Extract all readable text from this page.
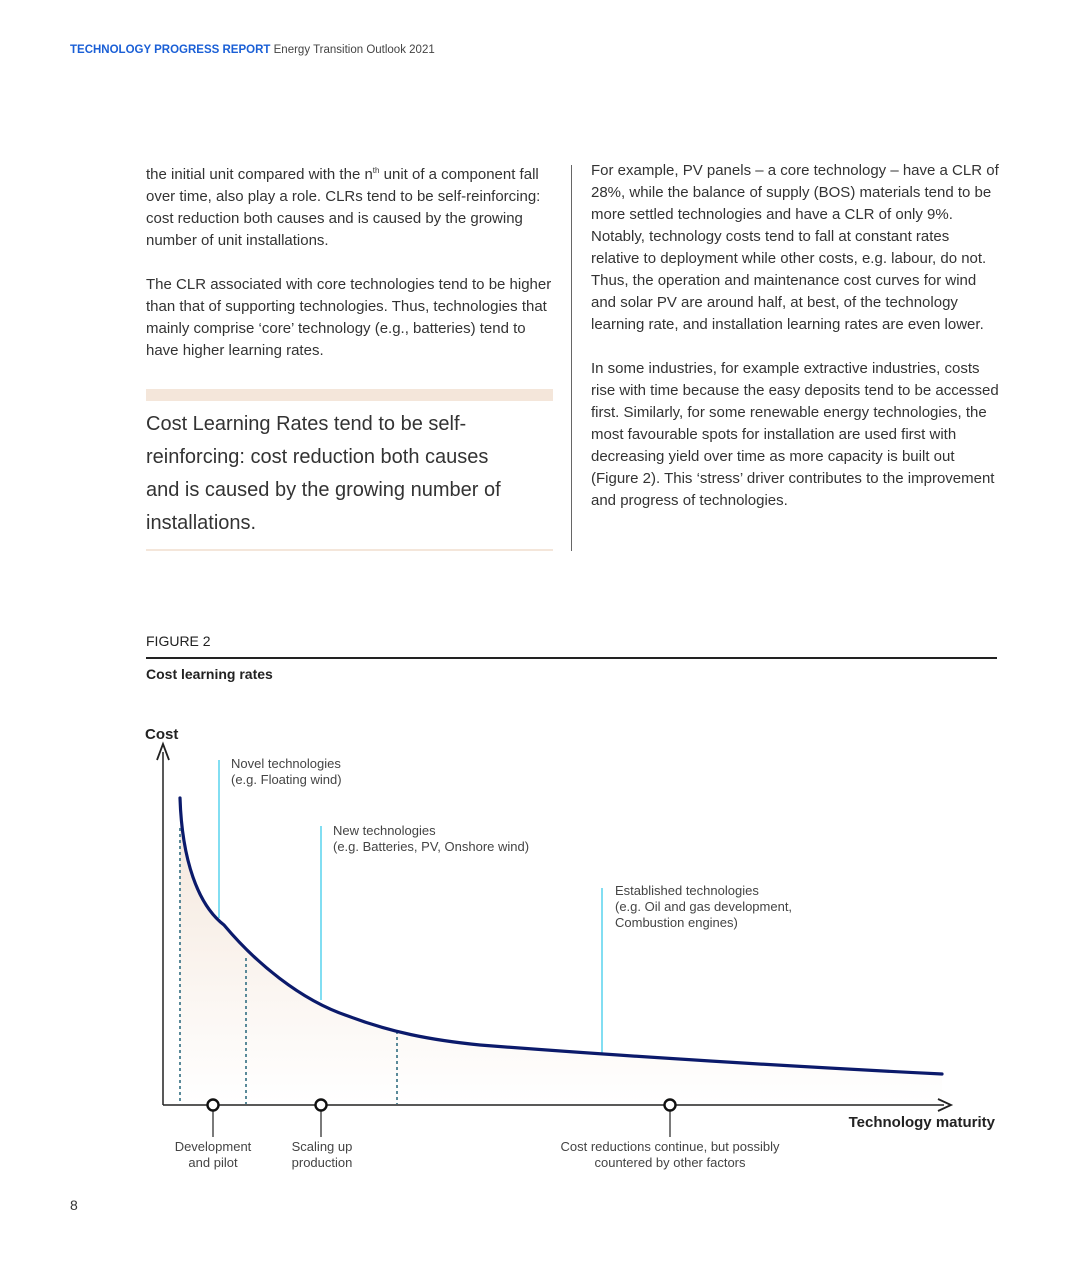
TECHNOLOGY PROGRESS REPORT Energy Transition Outlook 2021

the initial unit compared with the $n^{th}$ unit of a component fall over time, also play a role. CLRs tend to be self-reinforcing: cost reduction both causes and is caused by the growing number of unit installations.

The CLR associated with core technologies tend to be higher than that of supporting technologies. Thus, technologies that mainly comprise ‘core’ technology (e.g., batteries) tend to have higher learning rates.

Cost Learning Rates tend to be self-reinforcing: cost reduction both causes and is caused by the growing number of installations.

For example, PV panels – a core technology – have a CLR of 28%, while the balance of supply (BOS) materials tend to be more settled technologies and have a CLR of only 9%. Notably, technology costs tend to fall at constant rates relative to deployment while other costs, e.g. labour, do not. Thus, the operation and maintenance cost curves for wind and solar PV are around half, at best, of the technology learning rate, and installation learning rates are even lower.

In some industries, for example extractive industries, costs rise with time because the easy deposits tend to be accessed first. Similarly, for some renewable energy technologies, the most favourable spots for installation are used first with decreasing yield over time as more capacity is built out (Figure 2). This ‘stress’ driver contributes to the improvement and progress of technologies.

FIGURE 2
Cost learning rates
Cost
Technology maturity
Novel technologies
(e.g. Floating wind)
New technologies
(e.g. Batteries, PV, Onshore wind)
Established technologies
(e.g. Oil and gas development,
Combustion engines)
Development
and pilot
Scaling up
production
Cost reductions continue, but possibly
countered by other factors
8
